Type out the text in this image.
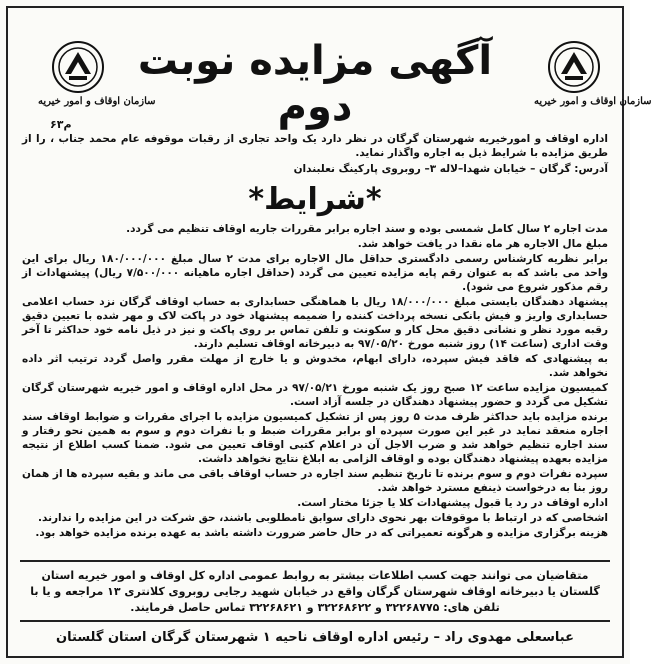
سازمان اوقاف و امور خیریه
سازمان اوقاف و امور خیریه
آگهی مزایده نوبت دوم
۶۳م
اداره اوقاف و امورخیریه شهرستان گرگان در نظر دارد یک واحد تجاری از رقبات موقوفه عام محمد جناب ، را از طریق مزایده با شرایط ذیل به اجاره واگذار نماید.
آدرس: گرگان – خیابان شهدا–لاله ۳– روبروی پارکینگ نعلبندان
*شرایط*

مدت اجاره ۲ سال کامل شمسی بوده و سند اجاره برابر مقررات جاریه اوقاف تنظیم می گردد.

مبلغ مال الاجاره هر ماه نقدا در یافت خواهد شد.

برابر نظریه کارشناس رسمی دادگستری حداقل مال الاجاره برای مدت ۲ سال مبلغ ۱۸۰/۰۰۰/۰۰۰ ریال برای این واحد می باشد که به عنوان رقم پایه مزایده تعیین می گردد (حداقل اجاره ماهیانه ۷/۵۰۰/۰۰۰ ریال) پیشنهادات از رقم مذکور شروع می شود).

پیشنهاد دهندگان بایستی مبلغ ۱۸/۰۰۰/۰۰۰ ریال با هماهنگی حسابداری به حساب اوقاف گرگان نزد حساب اعلامی حسابداری واریز و فیش بانکی نسخه پرداخت کننده را ضمیمه پیشنهاد خود در پاکت لاک و مهر شده با تعیین دقیق رقبه مورد نظر و نشانی دقیق محل کار و سکونت و تلفن تماس بر روی پاکت و نیز در ذیل نامه خود حداکثر تا آخر وقت اداری (ساعت ۱۴) روز شنبه مورخ ۹۷/۰۵/۲۰ به دبیرخانه اوقاف تسلیم دارند.

به پیشنهادی که فاقد فیش سپرده، دارای ابهام، مخدوش و یا خارج از مهلت مقرر واصل گردد ترتیب اثر داده نخواهد شد.

کمیسیون مزایده ساعت ۱۲ صبح روز یک شنبه مورخ ۹۷/۰۵/۲۱ در محل اداره اوقاف و امور خیریه شهرستان گرگان تشکیل می گردد و حضور پیشنهاد دهندگان در جلسه آزاد است.

برنده مزایده باید حداکثر ظرف مدت ۵ روز پس از تشکیل کمیسیون مزایده با اجرای مقررات و ضوابط اوقاف سند اجاره منعقد نماید در غیر این صورت سپرده او برابر مقررات ضبط و با نفرات دوم و سوم به همین نحو رفتار و سند اجاره تنظیم خواهد شد و ضرب الاجل آن در اعلام کتبی اوقاف تعیین می شود. ضمنا کسب اطلاع از نتیجه مزایده بعهده پیشنهاد دهندگان بوده و اوقاف الزامی به ابلاغ نتایج نخواهد داشت.

سپرده نفرات دوم و سوم برنده تا تاریخ تنظیم سند اجاره در حساب اوقاف باقی می ماند و بقیه سپرده ها از همان روز بنا به درخواست ذینفع مسترد خواهد شد.

اداره اوقاف در رد یا قبول پیشنهادات کلا یا جزئا مختار است.

اشخاصی که در ارتباط با موقوفات بهر نحوی دارای سوابق نامطلوبی باشند، حق شرکت در این مزایده را ندارند.

هزینه برگزاری مزایده و هرگونه تعمیراتی که در حال حاضر ضرورت داشته باشد به عهده برنده مزایده خواهد بود.

متقاضیان می توانند جهت کسب اطلاعات بیشتر به روابط عمومی اداره کل اوقاف و امور خیریه استان گلستان یا دبیرخانه اوقاف شهرستان گرگان واقع در خیابان شهید رجایی روبروی کلانتری ۱۳ مراجعه و یا با تلفن های: ۳۲۲۶۸۷۷۵ و ۳۲۲۶۸۶۲۲ و ۳۲۲۶۸۶۲۱ تماس حاصل فرمایند.
عباسعلی مهدوی راد – رئیس اداره اوقاف ناحیه ۱ شهرستان گرگان استان گلستان
